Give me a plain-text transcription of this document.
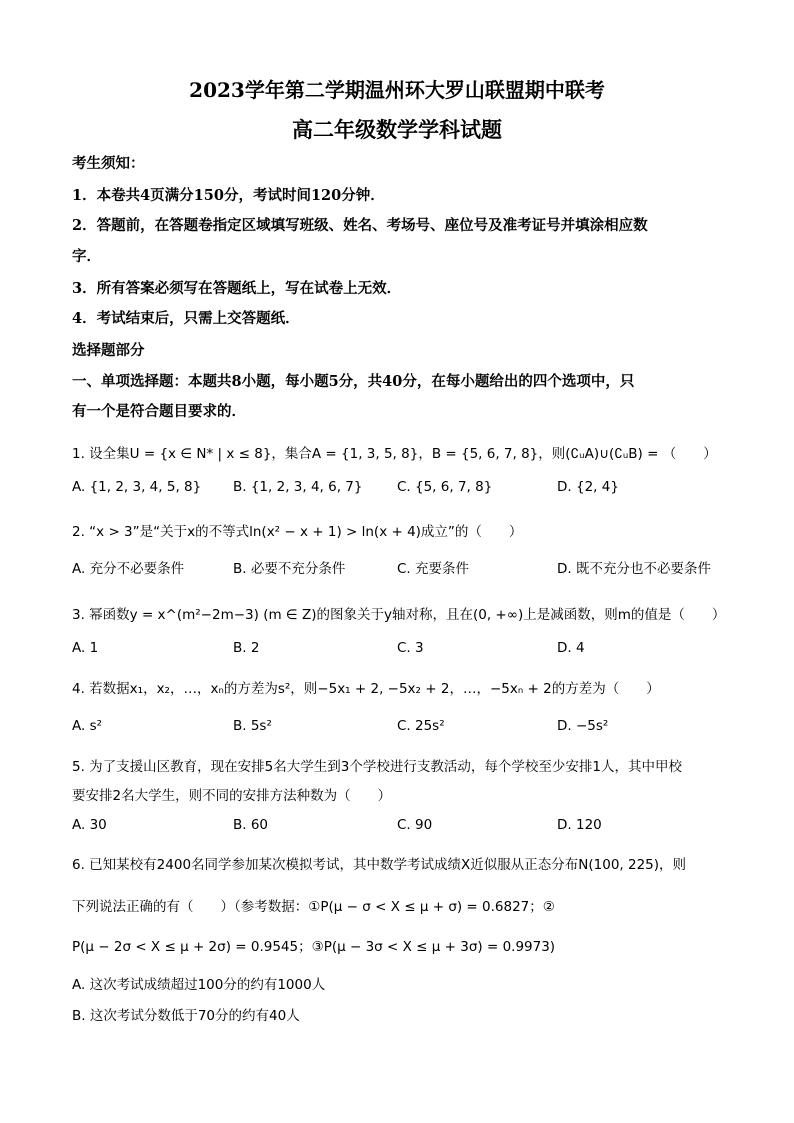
2023学年第二学期温州环大罗山联盟期中联考
高二年级数学学科试题
考生须知：
1．本卷共4页满分150分，考试时间120分钟．
2．答题前，在答题卷指定区域填写班级、姓名、考场号、座位号及准考证号并填涂相应数
字．
3．所有答案必须写在答题纸上，写在试卷上无效．
4．考试结束后，只需上交答题纸．
选择题部分
一、单项选择题：本题共8小题，每小题5分，共40分，在每小题给出的四个选项中，只
有一个是符合题目要求的．
1. 设全集U = {x ∈ N* | x ≤ 8}，集合A = {1, 3, 5, 8}，B = {5, 6, 7, 8}，则(∁ᵤA)∪(∁ᵤB) = （　　）
A. {1, 2, 3, 4, 5, 8} B. {1, 2, 3, 4, 6, 7}	C. {5, 6, 7, 8}	D. {2, 4}
2. “x > 3”是“关于x的不等式ln(x² − x + 1) > ln(x + 4)成立”的（　　）
A. 充分不必要条件	B. 必要不充分条件	C. 充要条件	D. 既不充分也不必要条件
3. 幂函数y = x^(m²−2m−3) (m ∈ Z)的图象关于y轴对称，且在(0, +∞)上是减函数，则m的值是（　　）
A. 1	B. 2	C. 3	D. 4
4. 若数据x₁，x₂，…，xₙ的方差为s²，则−5x₁ + 2, −5x₂ + 2，…，−5xₙ + 2的方差为（　　）
A. s²	B. 5s²	C. 25s²	D. −5s²
5. 为了支援山区教育，现在安排5名大学生到3个学校进行支教活动，每个学校至少安排1人，其中甲校
要安排2名大学生，则不同的安排方法种数为（　　）
A. 30	B. 60	C. 90	D. 120
6. 已知某校有2400名同学参加某次模拟考试，其中数学考试成绩X近似服从正态分布N(100, 225)，则
下列说法正确的有（　　）（参考数据：①P(μ − σ < X ≤ μ + σ) = 0.6827；②
P(μ − 2σ < X ≤ μ + 2σ) = 0.9545；③P(μ − 3σ < X ≤ μ + 3σ) = 0.9973)
A. 这次考试成绩超过100分的约有1000人
B. 这次考试分数低于70分的约有40人
